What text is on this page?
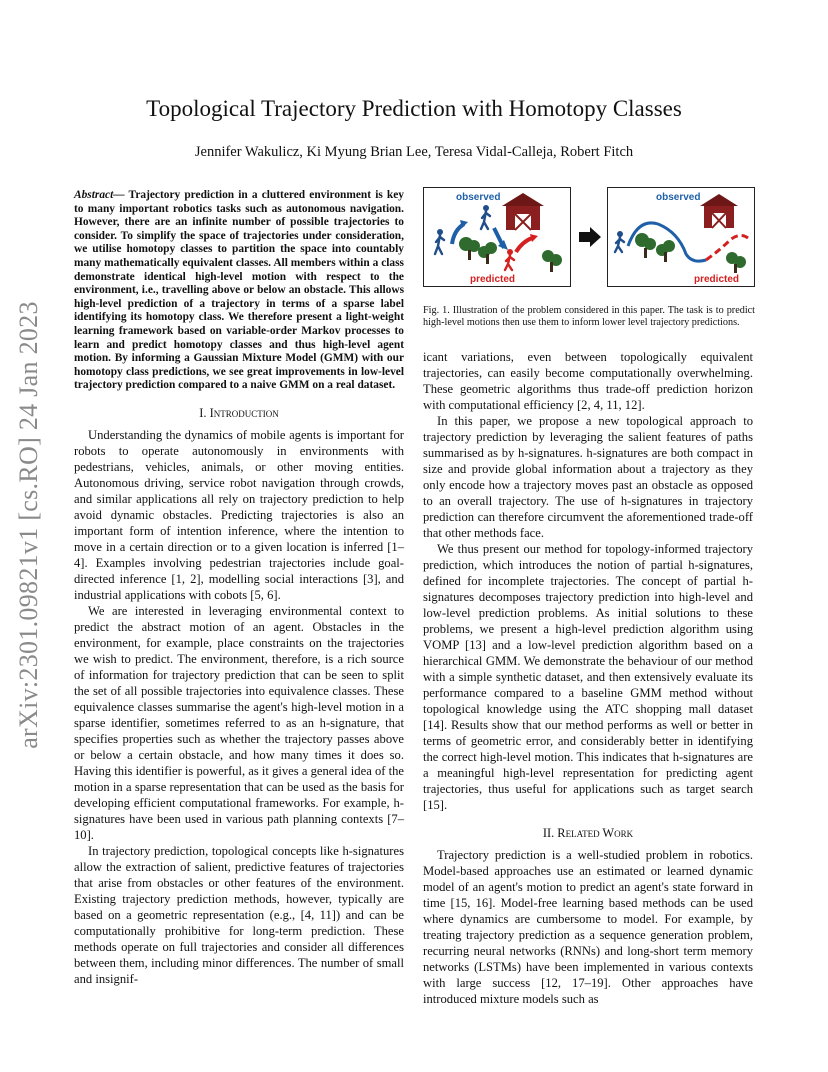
arXiv:2301.09821v1 [cs.RO] 24 Jan 2023
Topological Trajectory Prediction with Homotopy Classes
Jennifer Wakulicz, Ki Myung Brian Lee, Teresa Vidal-Calleja, Robert Fitch
Abstract— Trajectory prediction in a cluttered environment is key to many important robotics tasks such as autonomous navigation. However, there are an infinite number of possible trajectories to consider. To simplify the space of trajectories under consideration, we utilise homotopy classes to partition the space into countably many mathematically equivalent classes. All members within a class demonstrate identical high-level motion with respect to the environment, i.e., travelling above or below an obstacle. This allows high-level prediction of a trajectory in terms of a sparse label identifying its homotopy class. We therefore present a light-weight learning framework based on variable-order Markov processes to learn and predict homotopy classes and thus high-level agent motion. By informing a Gaussian Mixture Model (GMM) with our homotopy class predictions, we see great improvements in low-level trajectory prediction compared to a naive GMM on a real dataset.
I. Introduction

Understanding the dynamics of mobile agents is important for robots to operate autonomously in environments with pedestrians, vehicles, animals, or other moving entities. Autonomous driving, service robot navigation through crowds, and similar applications all rely on trajectory prediction to help avoid dynamic obstacles. Predicting trajectories is also an important form of intention inference, where the intention to move in a certain direction or to a given location is inferred [1–4]. Examples involving pedestrian trajectories include goal-directed inference [1, 2], modelling social interactions [3], and industrial applications with cobots [5, 6].

We are interested in leveraging environmental context to predict the abstract motion of an agent. Obstacles in the environment, for example, place constraints on the trajectories we wish to predict. The environment, therefore, is a rich source of information for trajectory prediction that can be seen to split the set of all possible trajectories into equivalence classes. These equivalence classes summarise the agent's high-level motion in a sparse identifier, sometimes referred to as an h-signature, that specifies properties such as whether the trajectory passes above or below a certain obstacle, and how many times it does so. Having this identifier is powerful, as it gives a general idea of the motion in a sparse representation that can be used as the basis for developing efficient computational frameworks. For example, h-signatures have been used in various path planning contexts [7–10].

In trajectory prediction, topological concepts like h-signatures allow the extraction of salient, predictive features of trajectories that arise from obstacles or other features of the environment. Existing trajectory prediction methods, however, typically are based on a geometric representation (e.g., [4, 11]) and can be computationally prohibitive for long-term prediction. These methods operate on full trajectories and consider all differences between them, including minor differences. The number of small and insignif-

observed
predicted
observed
predicted
Fig. 1. Illustration of the problem considered in this paper. The task is to predict high-level motions then use them to inform lower level trajectory predictions.

icant variations, even between topologically equivalent trajectories, can easily become computationally overwhelming. These geometric algorithms thus trade-off prediction horizon with computational efficiency [2, 4, 11, 12].

In this paper, we propose a new topological approach to trajectory prediction by leveraging the salient features of paths summarised as by h-signatures. h-signatures are both compact in size and provide global information about a trajectory as they only encode how a trajectory moves past an obstacle as opposed to an overall trajectory. The use of h-signatures in trajectory prediction can therefore circumvent the aforementioned trade-off that other methods face.

We thus present our method for topology-informed trajectory prediction, which introduces the notion of partial h-signatures, defined for incomplete trajectories. The concept of partial h-signatures decomposes trajectory prediction into high-level and low-level prediction problems. As initial solutions to these problems, we present a high-level prediction algorithm using VOMP [13] and a low-level prediction algorithm based on a hierarchical GMM. We demonstrate the behaviour of our method with a simple synthetic dataset, and then extensively evaluate its performance compared to a baseline GMM method without topological knowledge using the ATC shopping mall dataset [14]. Results show that our method performs as well or better in terms of geometric error, and considerably better in identifying the correct high-level motion. This indicates that h-signatures are a meaningful high-level representation for predicting agent trajectories, thus useful for applications such as target search [15].

II. Related Work

Trajectory prediction is a well-studied problem in robotics. Model-based approaches use an estimated or learned dynamic model of an agent's motion to predict an agent's state forward in time [15, 16]. Model-free learning based methods can be used where dynamics are cumbersome to model. For example, by treating trajectory prediction as a sequence generation problem, recurring neural networks (RNNs) and long-short term memory networks (LSTMs) have been implemented in various contexts with large success [12, 17–19]. Other approaches have introduced mixture models such as
